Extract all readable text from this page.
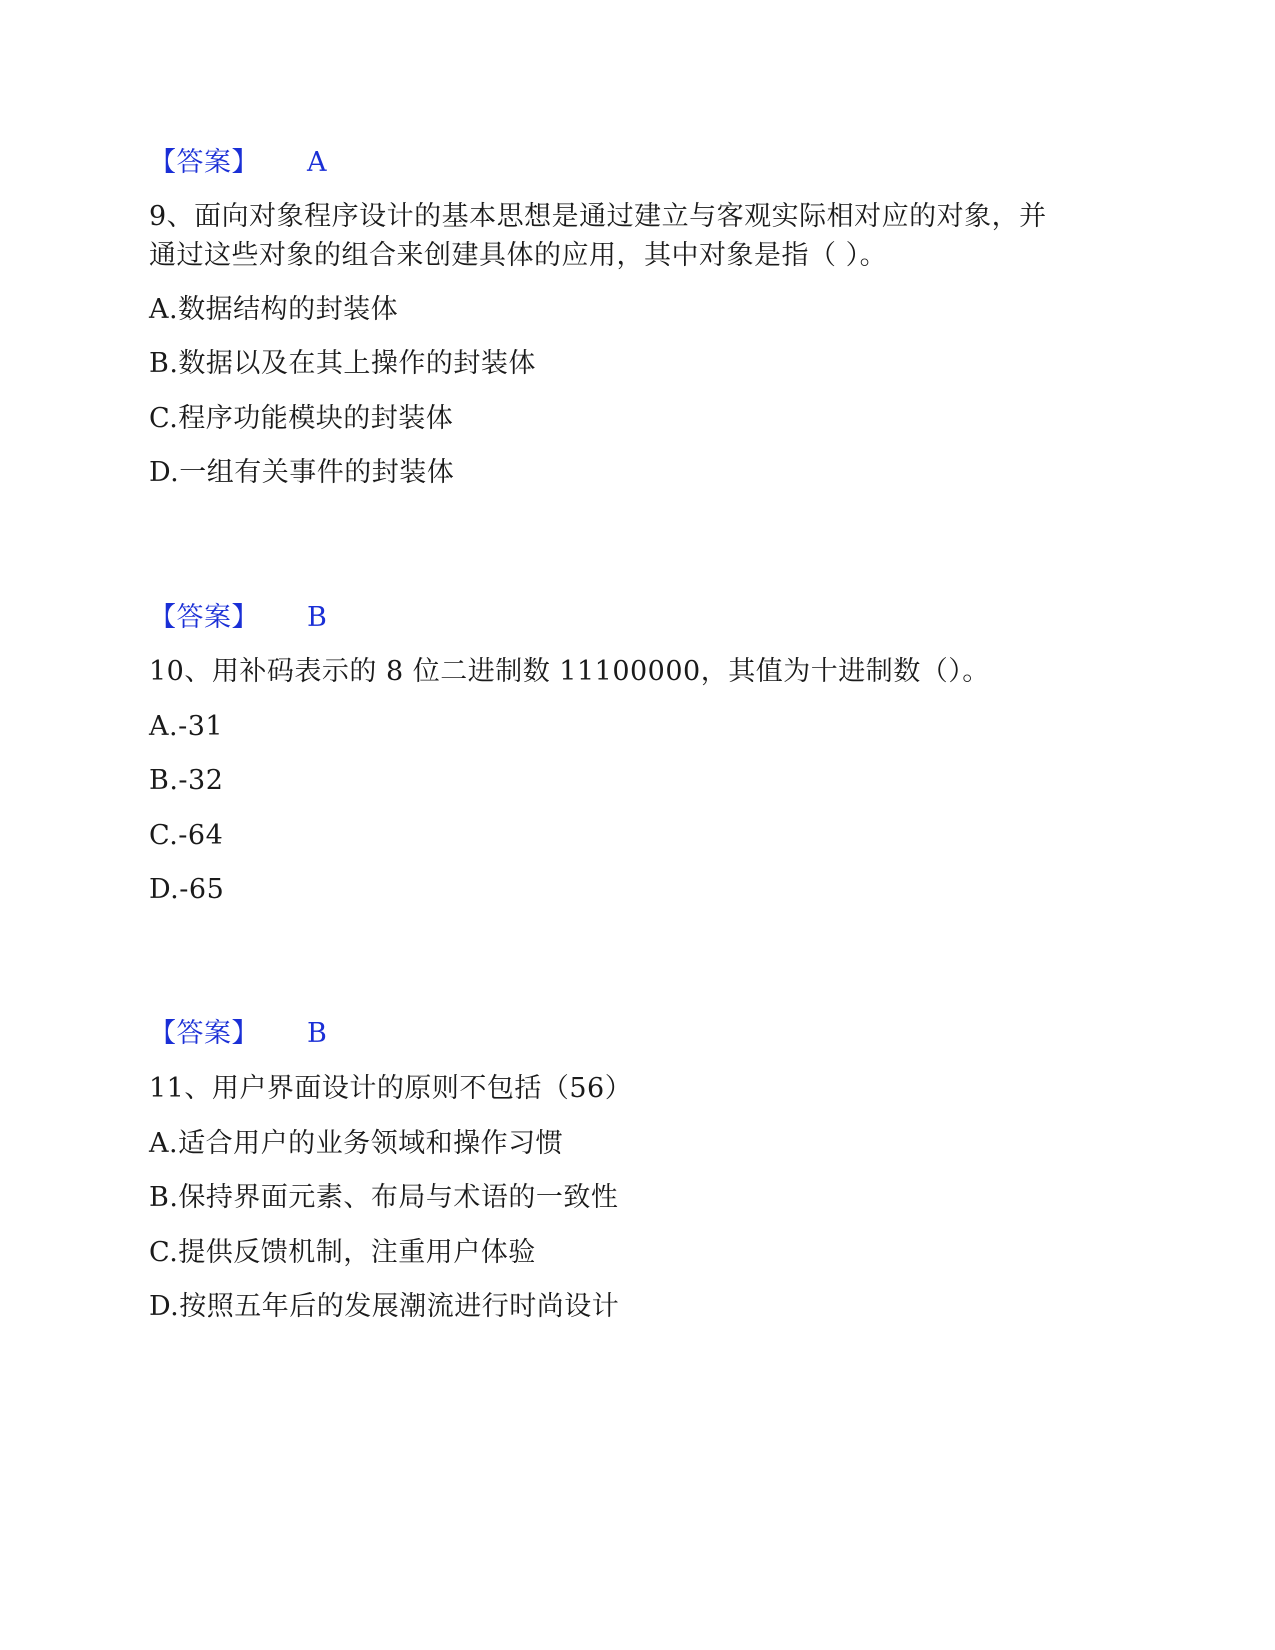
【答案】 A
9、面向对象程序设计的基本思想是通过建立与客观实际相对应的对象，并
通过这些对象的组合来创建具体的应用，其中对象是指（ ）。
A.数据结构的封装体
B.数据以及在其上操作的封装体
C.程序功能模块的封装体
D.一组有关事件的封装体
【答案】 B
10、用补码表示的 8 位二进制数 11100000，其值为十进制数（）。
A.-31
B.-32
C.-64
D.-65
【答案】 B
11、用户界面设计的原则不包括（56）
A.适合用户的业务领域和操作习惯
B.保持界面元素、布局与术语的一致性
C.提供反馈机制，注重用户体验
D.按照五年后的发展潮流进行时尚设计
